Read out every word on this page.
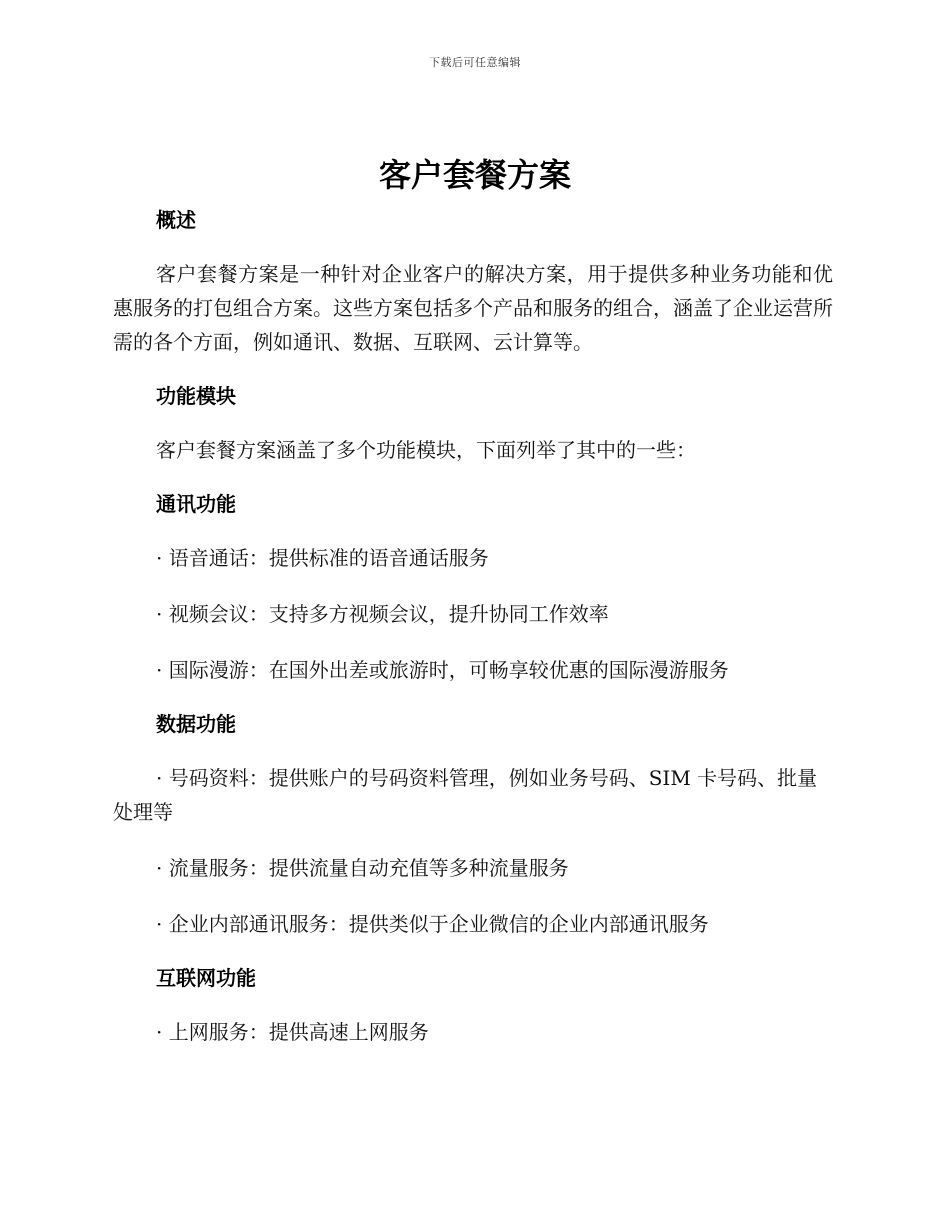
下载后可任意编辑
客户套餐方案
概述

客户套餐方案是一种针对企业客户的解决方案，用于提供多种业务功能和优惠服务的打包组合方案。这些方案包括多个产品和服务的组合，涵盖了企业运营所需的各个方面，例如通讯、数据、互联网、云计算等。

功能模块

客户套餐方案涵盖了多个功能模块，下面列举了其中的一些：

通讯功能

· 语音通话：提供标准的语音通话服务

· 视频会议：支持多方视频会议，提升协同工作效率

· 国际漫游：在国外出差或旅游时，可畅享较优惠的国际漫游服务

数据功能

· 号码资料：提供账户的号码资料管理，例如业务号码、SIM 卡号码、批量处理等

· 流量服务：提供流量自动充值等多种流量服务

· 企业内部通讯服务：提供类似于企业微信的企业内部通讯服务

互联网功能

· 上网服务：提供高速上网服务
